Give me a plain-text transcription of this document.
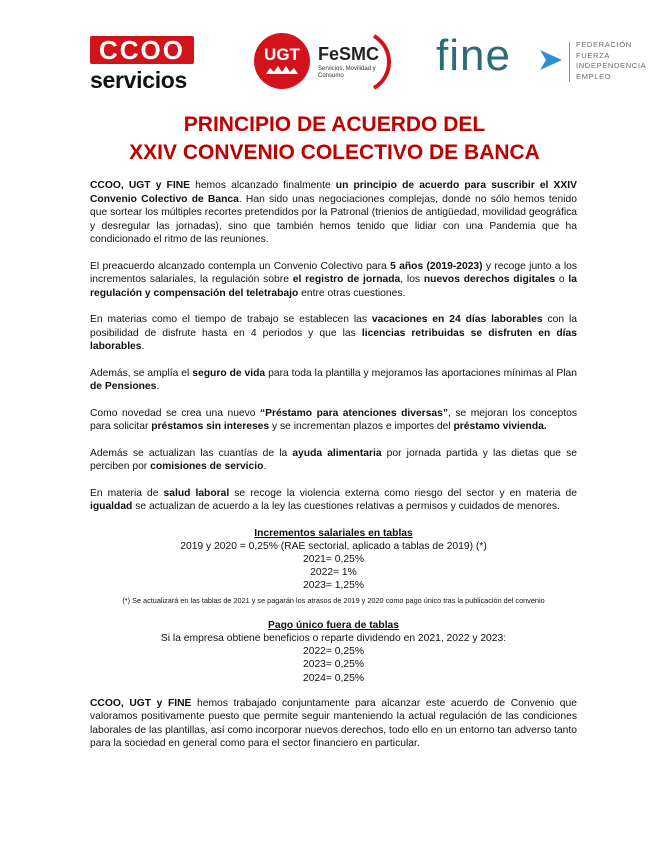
CCOO
servicios
UGT FeSMC
Servicios, Movilidad y Consumo	fine	FEDERACIÓN
FUERZA
INDEPENDENCIA
EMPLEO
PRINCIPIO DE ACUERDO DEL
XXIV CONVENIO COLECTIVO DE BANCA

CCOO, UGT y FINE hemos alcanzado finalmente un principio de acuerdo para suscribir el XXIV Convenio Colectivo de Banca. Han sido unas negociaciones complejas, donde no sólo hemos tenido que sortear los múltiples recortes pretendidos por la Patronal (trienios de antigüedad, movilidad geográfica y desregular las jornadas), sino que también hemos tenido que lidiar con una Pandemia que ha condicionado el ritmo de las reuniones.

El preacuerdo alcanzado contempla un Convenio Colectivo para 5 años (2019-2023) y recoge junto a los incrementos salariales, la regulación sobre el registro de jornada, los nuevos derechos digitales o la regulación y compensación del teletrabajo entre otras cuestiones.

En materias como el tiempo de trabajo se establecen las vacaciones en 24 días laborables con la posibilidad de disfrute hasta en 4 periodos y que las licencias retribuidas se disfruten en días laborables.

Además, se amplía el seguro de vida para toda la plantilla y mejoramos las aportaciones mínimas al Plan de Pensiones.

Como novedad se crea una nuevo “Préstamo para atenciones diversas”, se mejoran los conceptos para solicitar préstamos sin intereses y se incrementan plazos e importes del préstamo vivienda.

Además se actualizan las cuantías de la ayuda alimentaria por jornada partida y las dietas que se perciben por comisiones de servicio.

En materia de salud laboral se recoge la violencia externa como riesgo del sector y en materia de igualdad se actualizan de acuerdo a la ley las cuestiones relativas a permisos y cuidados de menores.

Incrementos salariales en tablas
2019 y 2020 = 0,25% (RAE sectorial, aplicado a tablas de 2019) (*)
2021= 0,25%
2022= 1%
2023= 1,25%
(*) Se actualizará en las tablas de 2021 y se pagarán los atrasos de 2019 y 2020 como pago único tras la publicación del convenio
Pago único fuera de tablas
Si la empresa obtiene beneficios o reparte dividendo en 2021, 2022 y 2023:
2022= 0,25%
2023= 0,25%
2024= 0,25%

CCOO, UGT y FINE hemos trabajado conjuntamente para alcanzar este acuerdo de Convenio que valoramos positivamente puesto que permite seguir manteniendo la actual regulación de las condiciones laborales de las plantillas, así como incorporar nuevos derechos, todo ello en un entorno tan adverso tanto para la sociedad en general como para el sector financiero en particular.
